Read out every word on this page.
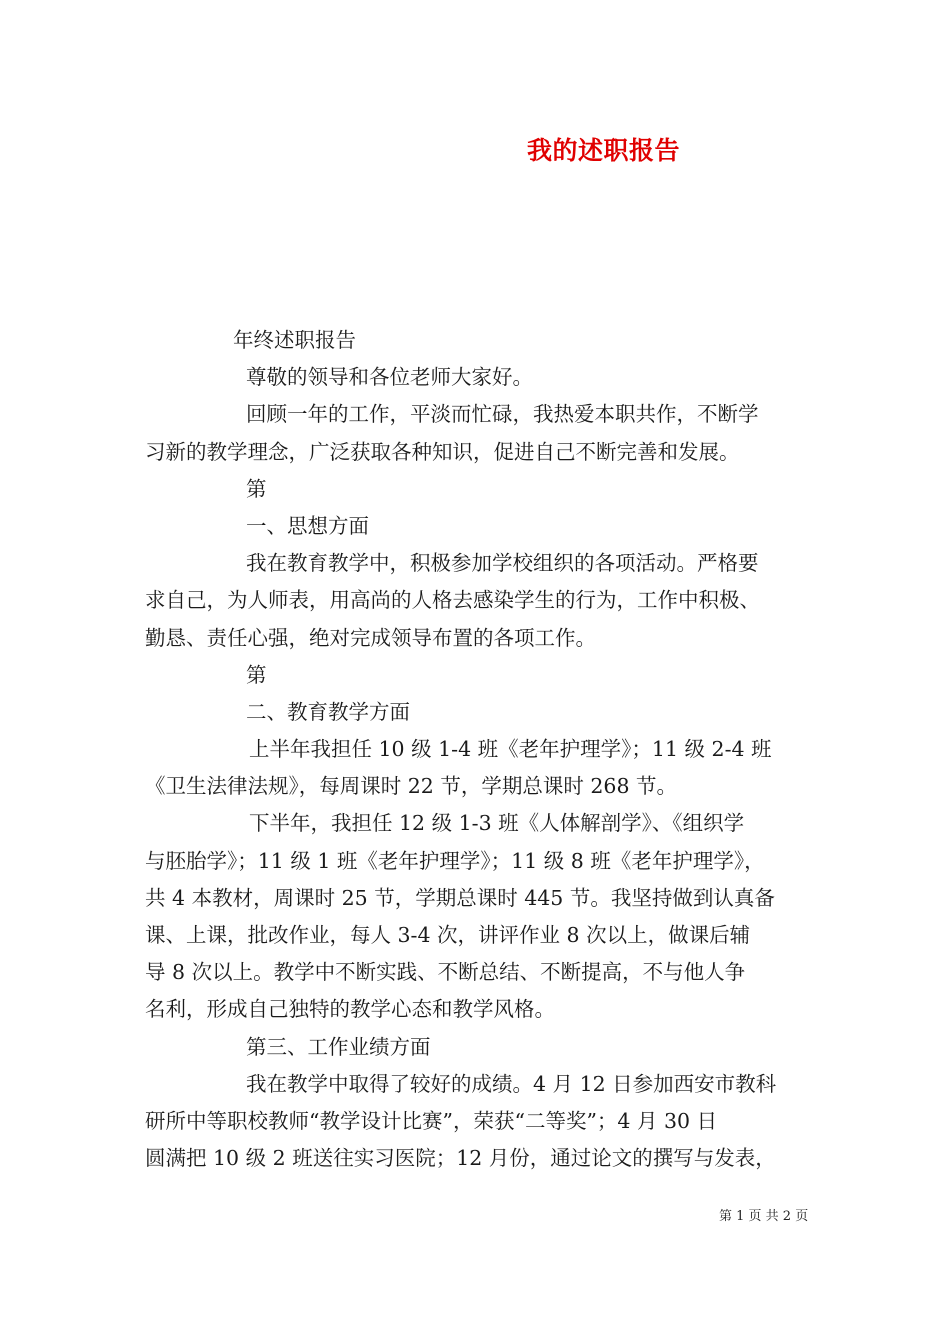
我的述职报告
年终述职报告
尊敬的领导和各位老师大家好。
回顾一年的工作，平淡而忙碌，我热爱本职共作，不断学
习新的教学理念，广泛获取各种知识，促进自己不断完善和发展。
第
一、思想方面
我在教育教学中，积极参加学校组织的各项活动。严格要
求自己，为人师表，用高尚的人格去感染学生的行为，工作中积极、
勤恳、责任心强，绝对完成领导布置的各项工作。
第
二、教育教学方面
上半年我担任 10 级 1-4 班《老年护理学》；11 级 2-4 班
《卫生法律法规》，每周课时 22 节，学期总课时 268 节。
下半年，我担任 12 级 1-3 班《人体解剖学》、《组织学
与胚胎学》；11 级 1 班《老年护理学》；11 级 8 班《老年护理学》，
共 4 本教材，周课时 25 节，学期总课时 445 节。我坚持做到认真备
课、上课，批改作业，每人 3-4 次，讲评作业 8 次以上，做课后辅
导 8 次以上。教学中不断实践、不断总结、不断提高，不与他人争
名利，形成自己独特的教学心态和教学风格。
第三、工作业绩方面
我在教学中取得了较好的成绩。4 月 12 日参加西安市教科
研所中等职校教师“教学设计比赛”，荣获“二等奖”；4 月 30 日
圆满把 10 级 2 班送往实习医院；12 月份，通过论文的撰写与发表，
第 1 页 共 2 页
